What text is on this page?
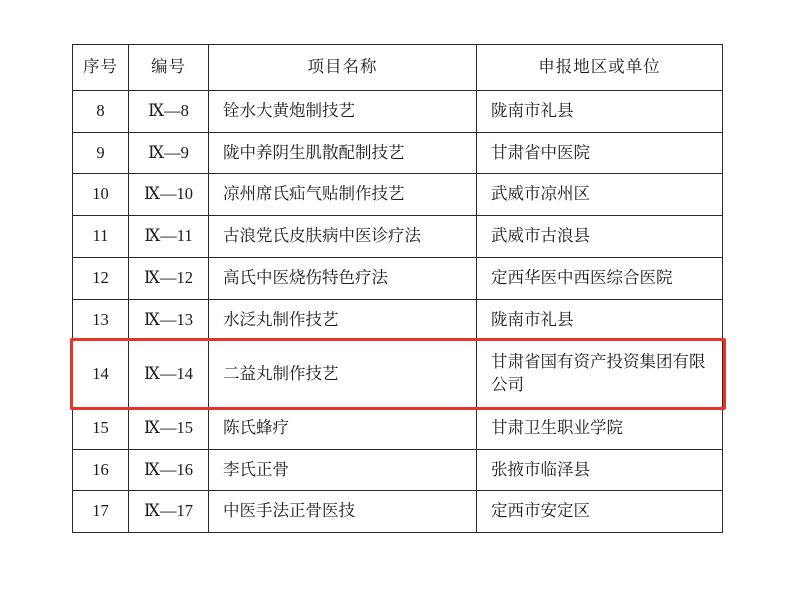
序号	编号	项目名称	申报地区或单位

8	Ⅸ—8	铨水大黄炮制技艺	陇南市礼县

9	Ⅸ—9	陇中养阴生肌散配制技艺	甘肃省中医院

10	Ⅸ—10	凉州席氏疝气贴制作技艺	武威市凉州区

11	Ⅸ—11	古浪党氏皮肤病中医诊疗法	武威市古浪县

12	Ⅸ—12	高氏中医烧伤特色疗法	定西华医中西医综合医院

13	Ⅸ—13	水泛丸制作技艺	陇南市礼县

14	Ⅸ—14	二益丸制作技艺	甘肃省国有资产投资集团有限公司

15	Ⅸ—15	陈氏蜂疗	甘肃卫生职业学院

16	Ⅸ—16	李氏正骨	张掖市临泽县

17	Ⅸ—17	中医手法正骨医技	定西市安定区
